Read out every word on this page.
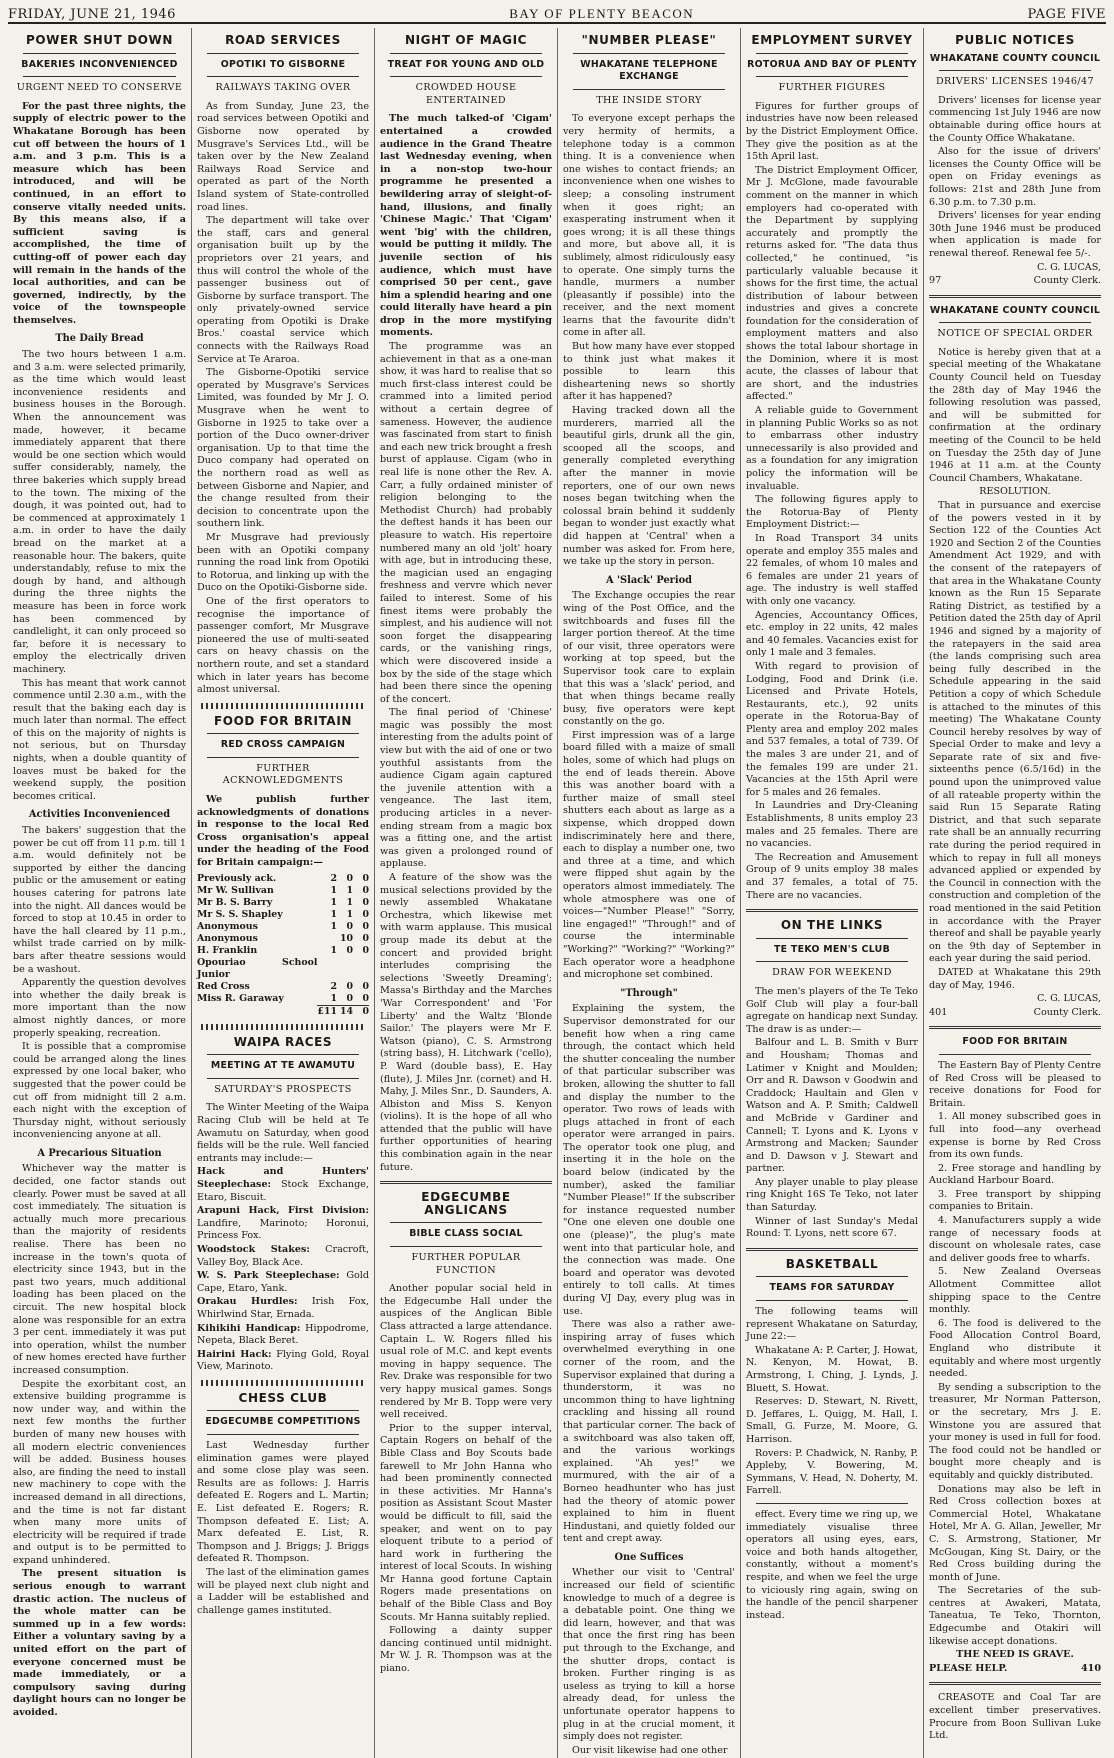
FRIDAY, JUNE 21, 1946	BAY OF PLENTY BEACON	PAGE FIVE
POWER SHUT DOWN
BAKERIES INCONVENIENCED
URGENT NEED TO CONSERVE

For the past three nights, the supply of electric power to the Whakatane Borough has been cut off between the hours of 1 a.m. and 3 p.m. This is a measure which has been introduced, and will be continued, in an effort to conserve vitally needed units. By this means also, if a sufficient saving is accomplished, the time of cutting-off of power each day will remain in the hands of the local authorities, and can be governed, indirectly, by the voice of the townspeople themselves.

The Daily Bread

The two hours between 1 a.m. and 3 a.m. were selected primarily, as the time which would least inconvenience residents and business houses in the Borough. When the announcement was made, however, it became immediately apparent that there would be one section which would suffer considerably, namely, the three bakeries which supply bread to the town. The mixing of the dough, it was pointed out, had to be commenced at approximately 1 a.m. in order to have the daily bread on the market at a reasonable hour. The bakers, quite understandably, refuse to mix the dough by hand, and although during the three nights the measure has been in force work has been commenced by candlelight, it can only proceed so far, before it is necessary to employ the electrically driven machinery.

This has meant that work cannot commence until 2.30 a.m., with the result that the baking each day is much later than normal. The effect of this on the majority of nights is not serious, but on Thursday nights, when a double quantity of loaves must be baked for the weekend supply, the position becomes critical.

Activities Inconvenienced

The bakers' suggestion that the power be cut off from 11 p.m. till 1 a.m. would definitely not be supported by either the dancing public or the amusement or eating houses catering for patrons late into the night. All dances would be forced to stop at 10.45 in order to have the hall cleared by 11 p.m., whilst trade carried on by milk-bars after theatre sessions would be a washout.

Apparently the question devolves into whether the daily break is more important than the now almost nightly dances, or more properly speaking, recreation.

It is possible that a compromise could be arranged along the lines expressed by one local baker, who suggested that the power could be cut off from midnight till 2 a.m. each night with the exception of Thursday night, without seriously inconveniencing anyone at all.

A Precarious Situation

Whichever way the matter is decided, one factor stands out clearly. Power must be saved at all cost immediately. The situation is actually much more precarious than the majority of residents realise. There has been no increase in the town's quota of electricity since 1943, but in the past two years, much additional loading has been placed on the circuit. The new hospital block alone was responsible for an extra 3 per cent. immediately it was put into operation, whilst the number of new homes erected have further increased consumption.

Despite the exorbitant cost, an extensive building programme is now under way, and within the next few months the further burden of many new houses with all modern electric conveniences will be added. Business houses also, are finding the need to install new machinery to cope with the increased demand in all directions, and the time is not far distant when many more units of electricity will be required if trade and output is to be permitted to expand unhindered.

The present situation is serious enough to warrant drastic action. The nucleus of the whole matter can be summed up in a few words: Either a voluntary saving by a united effort on the part of everyone concerned must be made immediately, or a compulsory saving during daylight hours can no longer be avoided.

ROAD SERVICES
OPOTIKI TO GISBORNE
RAILWAYS TAKING OVER

As from Sunday, June 23, the road services between Opotiki and Gisborne now operated by Musgrave's Services Ltd., will be taken over by the New Zealand Railways Road Service and operated as part of the North Island system of State-controlled road lines.

The department will take over the staff, cars and general organisation built up by the proprietors over 21 years, and thus will control the whole of the passenger business out of Gisborne by surface transport. The only privately-owned service operating from Opotiki is Drake Bros.' coastal service which connects with the Railways Road Service at Te Araroa.

The Gisborne-Opotiki service operated by Musgrave's Services Limited, was founded by Mr J. O. Musgrave when he went to Gisborne in 1925 to take over a portion of the Duco owner-driver organisation. Up to that time the Duco company had operated on the northern road as well as between Gisborne and Napier, and the change resulted from their decision to concentrate upon the southern link.

Mr Musgrave had previously been with an Opotiki company running the road link from Opotiki to Rotorua, and linking up with the Duco on the Opotiki-Gisborne side.

One of the first operators to recognise the importance of passenger comfort, Mr Musgrave pioneered the use of multi-seated cars on heavy chassis on the northern route, and set a standard which in later years has become almost universal.

FOOD FOR BRITAIN
RED CROSS CAMPAIGN
FURTHER ACKNOWLEDGMENTS

We publish further acknowledgments of donations in response to the local Red Cross organisation's appeal under the heading of the Food for Britain campaign:—

Previously ack.	2	0	0
Mr W. Sullivan	1	1	0
Mr B. S. Barry	1	1	0
Mr S. S. Shapley	1	1	0
Anonymous	1	0	0
Anonymous		10	0
H. Franklin	1	0	0
Opouriao School Junior			
Red Cross	2	0	0
Miss R. Garaway	1	0	0
	£11	14	0
WAIPA RACES
MEETING AT TE AWAMUTU
SATURDAY'S PROSPECTS

The Winter Meeting of the Waipa Racing Club will be held at Te Awamutu on Saturday, when good fields will be the rule. Well fancied entrants may include:—

Hack and Hunters' Steeplechase: Stock Exchange, Etaro, Biscuit.

Arapuni Hack, First Division: Landfire, Marinoto; Horonui, Princess Fox.

Woodstock Stakes: Cracroft, Valley Boy, Black Ace.

W. S. Park Steeplechase: Gold Cape, Etaro, Yank.

Orakau Hurdles: Irish Fox, Whirlwind Star, Ernada.

Kihikihi Handicap: Hippodrome, Nepeta, Black Beret.

Hairini Hack: Flying Gold, Royal View, Marinoto.

CHESS CLUB
EDGECUMBE COMPETITIONS

Last Wednesday further elimination games were played and some close play was seen. Results are as follows: J. Harris defeated E. Rogers and L. Martin; E. List defeated E. Rogers; R. Thompson defeated E. List; A. Marx defeated E. List, R. Thompson and J. Briggs; J. Briggs defeated R. Thompson.

The last of the elimination games will be played next club night and a Ladder will be established and challenge games instituted.

NIGHT OF MAGIC
TREAT FOR YOUNG AND OLD
CROWDED HOUSE ENTERTAINED

The much talked-of 'Cigam' entertained a crowded audience in the Grand Theatre last Wednesday evening, when in a non-stop two-hour programme he presented a bewildering array of sleight-of-hand, illusions, and finally 'Chinese Magic.' That 'Cigam' went 'big' with the children, would be putting it mildly. The juvenile section of his audience, which must have comprised 50 per cent., gave him a splendid hearing and one could literally have heard a pin drop in the more mystifying moments.

The programme was an achievement in that as a one-man show, it was hard to realise that so much first-class interest could be crammed into a limited period without a certain degree of sameness. However, the audience was fascinated from start to finish and each new trick brought a fresh burst of applause. Cigam (who in real life is none other the Rev. A. Carr, a fully ordained minister of religion belonging to the Methodist Church) had probably the deftest hands it has been our pleasure to watch. His repertoire numbered many an old 'jolt' hoary with age, but in introducing these, the magician used an engaging freshness and vervre which never failed to interest. Some of his finest items were probably the simplest, and his audience will not soon forget the disappearing cards, or the vanishing rings, which were discovered inside a box by the side of the stage which had been there since the opening of the concert.

The final period of 'Chinese' magic was possibly the most interesting from the adults point of view but with the aid of one or two youthful assistants from the audience Cigam again captured the juvenile attention with a vengeance. The last item, producing articles in a never-ending stream from a magic box was a fitting one, and the artist was given a prolonged round of applause.

A feature of the show was the musical selections provided by the newly assembled Whakatane Orchestra, which likewise met with warm applause. This musical group made its debut at the concert and provided bright interludes comprising the selections 'Sweetly Dreaming'; Massa's Birthday and the Marches 'War Correspondent' and 'For Liberty' and the Waltz 'Blonde Sailor.' The players were Mr F. Watson (piano), C. S. Armstrong (string bass), H. Litchwark ('cello), P. Ward (double bass), E. Hay (flute), J. Miles Jnr. (cornet) and H. Mahy, J. Miles Snr., D. Saunders, A. Albiston and Miss S. Kenyon (violins). It is the hope of all who attended that the public will have further opportunities of hearing this combination again in the near future.

EDGECUMBE ANGLICANS
BIBLE CLASS SOCIAL
FURTHER POPULAR FUNCTION

Another popular social held in the Edgecumbe Hall under the auspices of the Anglican Bible Class attracted a large attendance. Captain L. W. Rogers filled his usual role of M.C. and kept events moving in happy sequence. The Rev. Drake was responsible for two very happy musical games. Songs rendered by Mr B. Topp were very well received.

Prior to the supper interval, Captain Rogers on behalf of the Bible Class and Boy Scouts bade farewell to Mr John Hanna who had been prominently connected in these activities. Mr Hanna's position as Assistant Scout Master would be difficult to fill, said the speaker, and went on to pay eloquent tribute to a period of hard work in furthering the interest of local Scouts. In wishing Mr Hanna good fortune Captain Rogers made presentations on behalf of the Bible Class and Boy Scouts. Mr Hanna suitably replied.

Following a dainty supper dancing continued until midnight. Mr W. J. R. Thompson was at the piano.

"NUMBER PLEASE"
WHAKATANE TELEPHONE EXCHANGE
THE INSIDE STORY

To everyone except perhaps the very hermity of hermits, a telephone today is a common thing. It is a convenience when one wishes to contact friends; an inconvenience when one wishes to sleep; a consoling instrument when it goes right; an exasperating instrument when it goes wrong; it is all these things and more, but above all, it is sublimely, almost ridiculously easy to operate. One simply turns the handle, murmers a number (pleasantly if possible) into the receiver, and the next moment learns that the favourite didn't come in after all.

But how many have ever stopped to think just what makes it possible to learn this disheartening news so shortly after it has happened?

Having tracked down all the murderers, married all the beautiful girls, drunk all the gin, scooped all the scoops, and generally completed everything after the manner in movie reporters, one of our own news noses began twitching when the colossal brain behind it suddenly began to wonder just exactly what did happen at 'Central' when a number was asked for. From here, we take up the story in person.

A 'Slack' Period

The Exchange occupies the rear wing of the Post Office, and the switchboards and fuses fill the larger portion thereof. At the time of our visit, three operators were working at top speed, but the Supervisor took care to explain that this was a 'slack' period, and that when things became really busy, five operators were kept constantly on the go.

First impression was of a large board filled with a maize of small holes, some of which had plugs on the end of leads therein. Above this was another board with a further maize of small steel shutters each about as large as a sixpense, which dropped down indiscriminately here and there, each to display a number one, two and three at a time, and which were flipped shut again by the operators almost immediately. The whole atmosphere was one of voices—"Number Please!" "Sorry, line engaged!" "Through!" and of course the interminable "Working?" "Working?" "Working?" Each operator wore a headphone and microphone set combined.

"Through"

Explaining the system, the Supervisor demonstrated for our benefit how when a ring came through, the contact which held the shutter concealing the number of that particular subscriber was broken, allowing the shutter to fall and display the number to the operator. Two rows of leads with plugs attached in front of each operator were arranged in pairs. The operator took one plug, and inserting it in the hole on the board below (indicated by the number), asked the familiar "Number Please!" If the subscriber for instance requested number "One one eleven one double one one (please)", the plug's mate went into that particular hole, and the connection was made. One board and operator was devoted entirely to toll calls. At times during VJ Day, every plug was in use.

There was also a rather awe-inspiring array of fuses which overwhelmed everything in one corner of the room, and the Supervisor explained that during a thunderstorm, it was no uncommon thing to have lightning crackling and hissing all round that particular corner. The back of a switchboard was also taken off, and the various workings explained. "Ah yes!" we murmured, with the air of a Borneo headhunter who has just had the theory of atomic power explained to him in fluent Hindustani, and quietly folded our tent and crept away.

One Suffices

Whether our visit to 'Central' increased our field of scientific knowledge to much of a degree is a debatable point. One thing we did learn, however, and that was that once the first ring has been put through to the Exchange, and the shutter drops, contact is broken. Further ringing is as useless as trying to kill a horse already dead, for unless the unfortunate operator happens to plug in at the crucial moment, it simply does not register.

Our visit likewise had one other

EMPLOYMENT SURVEY
ROTORUA AND BAY OF PLENTY
FURTHER FIGURES

Figures for further groups of industries have now been released by the District Employment Office. They give the position as at the 15th April last.

The District Employment Officer, Mr J. McGlone, made favourable comment on the manner in which employers had co-operated with the Department by supplying accurately and promptly the returns asked for. "The data thus collected," he continued, "is particularly valuable because it shows for the first time, the actual distribution of labour between industries and gives a concrete foundation for the consideration of employment matters and also shows the total labour shortage in the Dominion, where it is most acute, the classes of labour that are short, and the industries affected."

A reliable guide to Government in planning Public Works so as not to embarrass other industry unnecessarily is also provided and as a foundation for any imigration policy the information will be invaluable.

The following figures apply to the Rotorua-Bay of Plenty Employment District:—

In Road Transport 34 units operate and employ 355 males and 22 females, of whom 10 males and 6 females are under 21 years of age. The industry is well staffed with only one vacancy.

Agencies, Accountancy Offices, etc. employ in 22 units, 42 males and 40 females. Vacancies exist for only 1 male and 3 females.

With regard to provision of Lodging, Food and Drink (i.e. Licensed and Private Hotels, Restaurants, etc.), 92 units operate in the Rotorua-Bay of Plenty area and employ 202 males and 537 females, a total of 739. Of the males 3 are under 21, and of the females 199 are under 21. Vacancies at the 15th April were for 5 males and 26 females.

In Laundries and Dry-Cleaning Establishments, 8 units employ 23 males and 25 females. There are no vacancies.

The Recreation and Amusement Group of 9 units employ 38 males and 37 females, a total of 75. There are no vacancies.

ON THE LINKS
TE TEKO MEN'S CLUB
DRAW FOR WEEKEND

The men's players of the Te Teko Golf Club will play a four-ball agregate on handicap next Sunday. The draw is as under:—

Balfour and L. B. Smith v Burr and Housham; Thomas and Latimer v Knight and Moulden; Orr and R. Dawson v Goodwin and Craddock; Haultain and Glen v Watson and A. P. Smith; Caldwell and McBride v Gardiner and Cannell; T. Lyons and K. Lyons v Armstrong and Macken; Saunder and D. Dawson v J. Stewart and partner.

Any player unable to play please ring Knight 16S Te Teko, not later than Saturday.

Winner of last Sunday's Medal Round: T. Lyons, nett score 67.

BASKETBALL
TEAMS FOR SATURDAY

The following teams will represent Whakatane on Saturday, June 22:—

Whakatane A: P. Carter, J. Howat, N. Kenyon, M. Howat, B. Armstrong, I. Ching, J. Lynds, J. Bluett, S. Howat.

Reserves: D. Stewart, N. Rivett, D. Jeffares, L. Quigg, M. Hall, I. Small, G. Furze, M. Moore, G. Harrison.

Rovers: P. Chadwick, N. Ranby, P. Appleby, V. Bowering, M. Symmans, V. Head, N. Doherty, M. Farrell.

effect. Every time we ring up, we immediately visualise three operators all using eyes, ears, voice and both hands altogether, constantly, without a moment's respite, and when we feel the urge to viciously ring again, swing on the handle of the pencil sharpener instead.

PUBLIC NOTICES
WHAKATANE COUNTY COUNCIL
DRIVERS' LICENSES 1946/47

Drivers' licenses for license year commencing 1st July 1946 are now obtainable during office hours at the County Office Whakatane.

Also for the issue of drivers' licenses the County Office will be open on Friday evenings as follows: 21st and 28th June from 6.30 p.m. to 7.30 p.m.

Drivers' licenses for year ending 30th June 1946 must be produced when application is made for renewal thereof. Renewal fee 5/-.

C. G. LUCAS,

97	County Clerk.
WHAKATANE COUNTY COUNCIL
NOTICE OF SPECIAL ORDER

Notice is hereby given that at a special meeting of the Whakatane County Council held on Tuesday the 28th day of May 1946 the following resolution was passed, and will be submitted for confirmation at the ordinary meeting of the Council to be held on Tuesday the 25th day of June 1946 at 11 a.m. at the County Council Chambers, Whakatane.

RESOLUTION.

That in pursuance and exercise of the powers vested in it by Section 122 of the Counties Act 1920 and Section 2 of the Counties Amendment Act 1929, and with the consent of the ratepayers of that area in the Whakatane County known as the Run 15 Separate Rating District, as testified by a Petition dated the 25th day of April 1946 and signed by a majority of the ratepayers in the said area (the lands comprising such area being fully described in the Schedule appearing in the said Petition a copy of which Schedule is attached to the minutes of this meeting) The Whakatane County Council hereby resolves by way of Special Order to make and levy a Separate rate of six and five-sixteenths pence (6.5/16d) in the pound upon the unimproved value of all rateable property within the said Run 15 Separate Rating District, and that such separate rate shall be an annually recurring rate during the period required in which to repay in full all moneys advanced applied or expended by the Council in connection with the construction and completion of the road mentioned in the said Petition in accordance with the Prayer thereof and shall be payable yearly on the 9th day of September in each year during the said period.

DATED at Whakatane this 29th day of May, 1946.

C. G. LUCAS,

401	County Clerk.
FOOD FOR BRITAIN

The Eastern Bay of Plenty Centre of Red Cross will be pleased to receive donations for Food for Britain.

1. All money subscribed goes in full into food—any overhead expense is borne by Red Cross from its own funds.

2. Free storage and handling by Auckland Harbour Board.

3. Free transport by shipping companies to Britain.

4. Manufacturers supply a wide range of necessary foods at discount on wholesale rates, case and deliver goods free to wharfs.

5. New Zealand Overseas Allotment Committee allot shipping space to the Centre monthly.

6. The food is delivered to the Food Allocation Control Board, England who distribute it equitably and where most urgently needed.

By sending a subscription to the treasurer, Mr Norman Patterson, or the secretary, Mrs J. E. Winstone you are assured that your money is used in full for food. The food could not be handled or bought more cheaply and is equitably and quickly distributed.

Donations may also be left in Red Cross collection boxes at Commercial Hotel, Whakatane Hotel, Mr A. G. Allan, Jeweller, Mr C. S. Armstrong, Stationer, Mr McGougan, King St. Dairy, or the Red Cross building during the month of June.

The Secretaries of the sub-centres at Awakeri, Matata, Taneatua, Te Teko, Thornton, Edgecumbe and Otakiri will likewise accept donations.

THE NEED IS GRAVE.

PLEASE HELP.	410

CREASOTE and Coal Tar are excellent timber preservatives. Procure from Boon Sullivan Luke Ltd.
